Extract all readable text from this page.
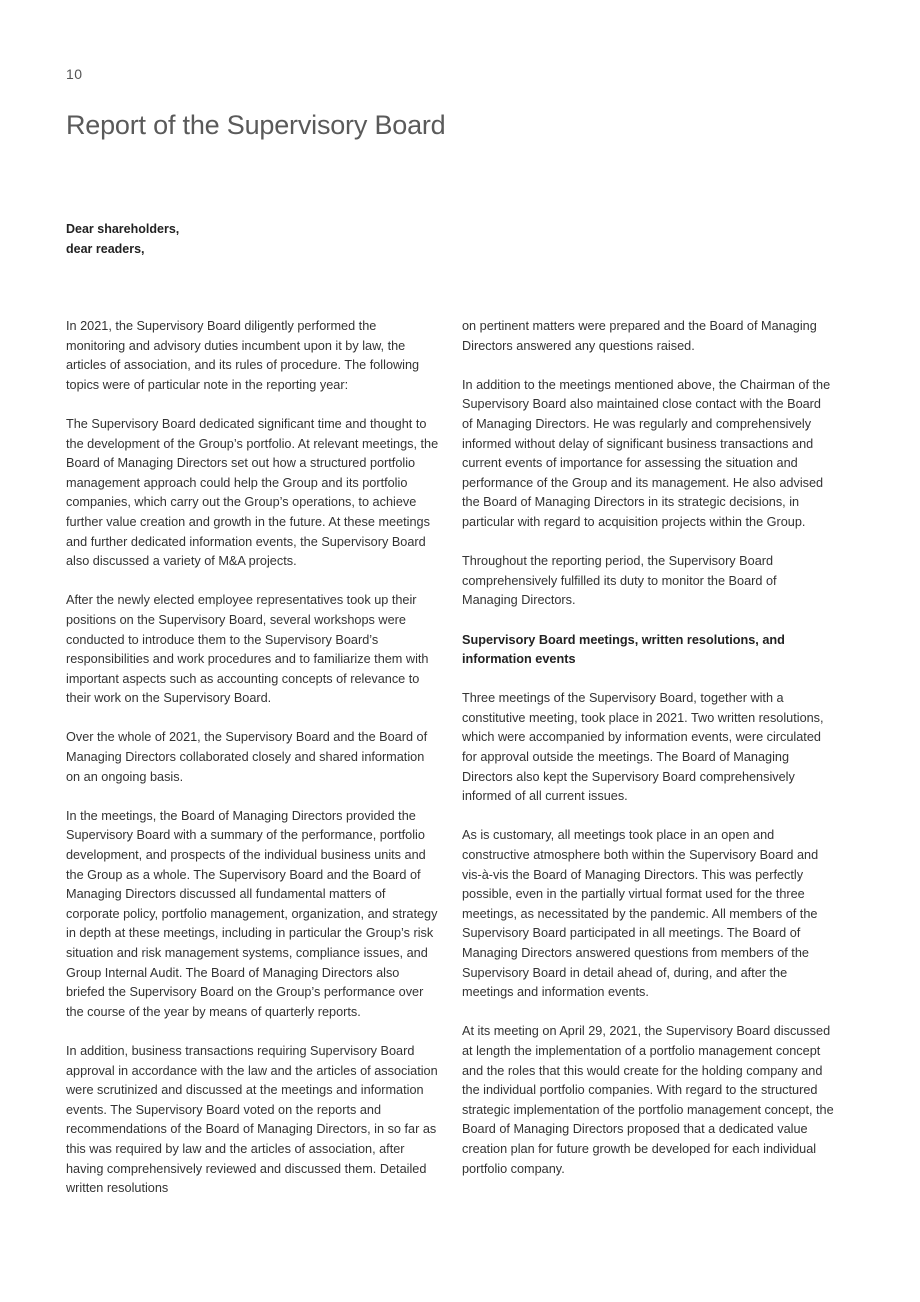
10
Report of the Supervisory Board
Dear shareholders,
dear readers,

In 2021, the Supervisory Board diligently performed the monitoring and advisory duties incumbent upon it by law, the articles of association, and its rules of procedure. The following topics were of particular note in the reporting year:

The Supervisory Board dedicated significant time and thought to the development of the Group’s portfolio. At relevant meetings, the Board of Managing Directors set out how a structured portfolio management approach could help the Group and its portfolio companies, which carry out the Group’s operations, to achieve further value creation and growth in the future. At these meetings and further dedicated information events, the Supervisory Board also discussed a variety of M&A projects.

After the newly elected employee representatives took up their positions on the Supervisory Board, several workshops were conducted to introduce them to the Supervisory Board’s responsibilities and work procedures and to familiarize them with important aspects such as accounting concepts of relevance to their work on the Supervisory Board.

Over the whole of 2021, the Supervisory Board and the Board of Managing Directors collaborated closely and shared information on an ongoing basis.

In the meetings, the Board of Managing Directors provided the Supervisory Board with a summary of the performance, portfolio development, and prospects of the individual business units and the Group as a whole. The Supervisory Board and the Board of Managing Directors discussed all fundamental matters of corporate policy, portfolio management, organization, and strategy in depth at these meetings, including in particular the Group’s risk situation and risk management systems, compliance issues, and Group Internal Audit. The Board of Managing Directors also briefed the Supervisory Board on the Group’s performance over the course of the year by means of quarterly reports.

In addition, business transactions requiring Supervisory Board approval in accordance with the law and the articles of association were scrutinized and discussed at the meetings and information events. The Supervisory Board voted on the reports and recommendations of the Board of Managing Directors, in so far as this was required by law and the articles of association, after having comprehensively reviewed and discussed them. Detailed written resolutions

on pertinent matters were prepared and the Board of Managing Directors answered any questions raised.

In addition to the meetings mentioned above, the Chairman of the Supervisory Board also maintained close contact with the Board of Managing Directors. He was regularly and comprehensively informed without delay of significant business transactions and current events of importance for assessing the situation and performance of the Group and its management. He also advised the Board of Managing Directors in its strategic decisions, in particular with regard to acquisition projects within the Group.

Throughout the reporting period, the Supervisory Board comprehensively fulfilled its duty to monitor the Board of Managing Directors.

Supervisory Board meetings, written resolutions, and information events

Three meetings of the Supervisory Board, together with a constitutive meeting, took place in 2021. Two written resolutions, which were accompanied by information events, were circulated for approval outside the meetings. The Board of Managing Directors also kept the Supervisory Board comprehensively informed of all current issues.

As is customary, all meetings took place in an open and constructive atmosphere both within the Supervisory Board and vis-à-vis the Board of Managing Directors. This was perfectly possible, even in the partially virtual format used for the three meetings, as necessitated by the pandemic. All members of the Supervisory Board participated in all meetings. The Board of Managing Directors answered questions from members of the Supervisory Board in detail ahead of, during, and after the meetings and information events.

At its meeting on April 29, 2021, the Supervisory Board discussed at length the implementation of a portfolio management concept and the roles that this would create for the holding company and the individual portfolio companies. With regard to the structured strategic implementation of the portfolio management concept, the Board of Managing Directors proposed that a dedicated value creation plan for future growth be developed for each individual portfolio company.
